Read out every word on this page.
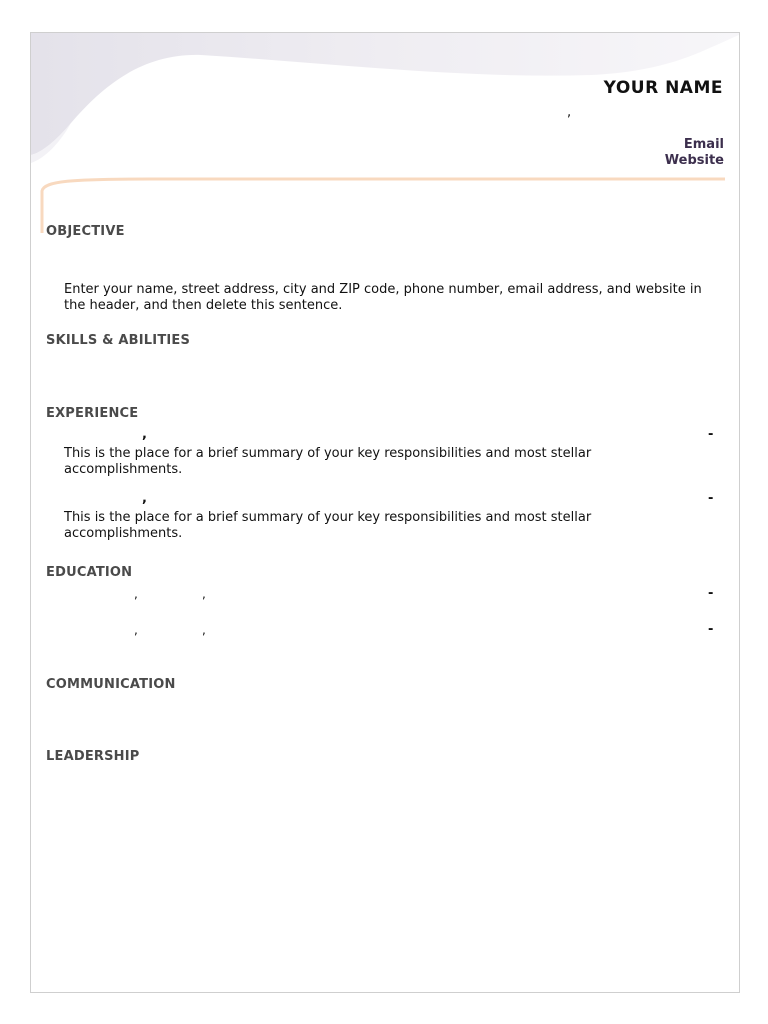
YOUR NAME
,
Email
Website
OBJECTIVE
Enter your name, street address, city and ZIP code, phone number, email address, and website in the header, and then delete this sentence.
SKILLS & ABILITIES
EXPERIENCE
,	-
This is the place for a brief summary of your key responsibilities and most stellar accomplishments.
,	-
This is the place for a brief summary of your key responsibilities and most stellar accomplishments.
EDUCATION
,	,	-
,	,	-
COMMUNICATION
LEADERSHIP
